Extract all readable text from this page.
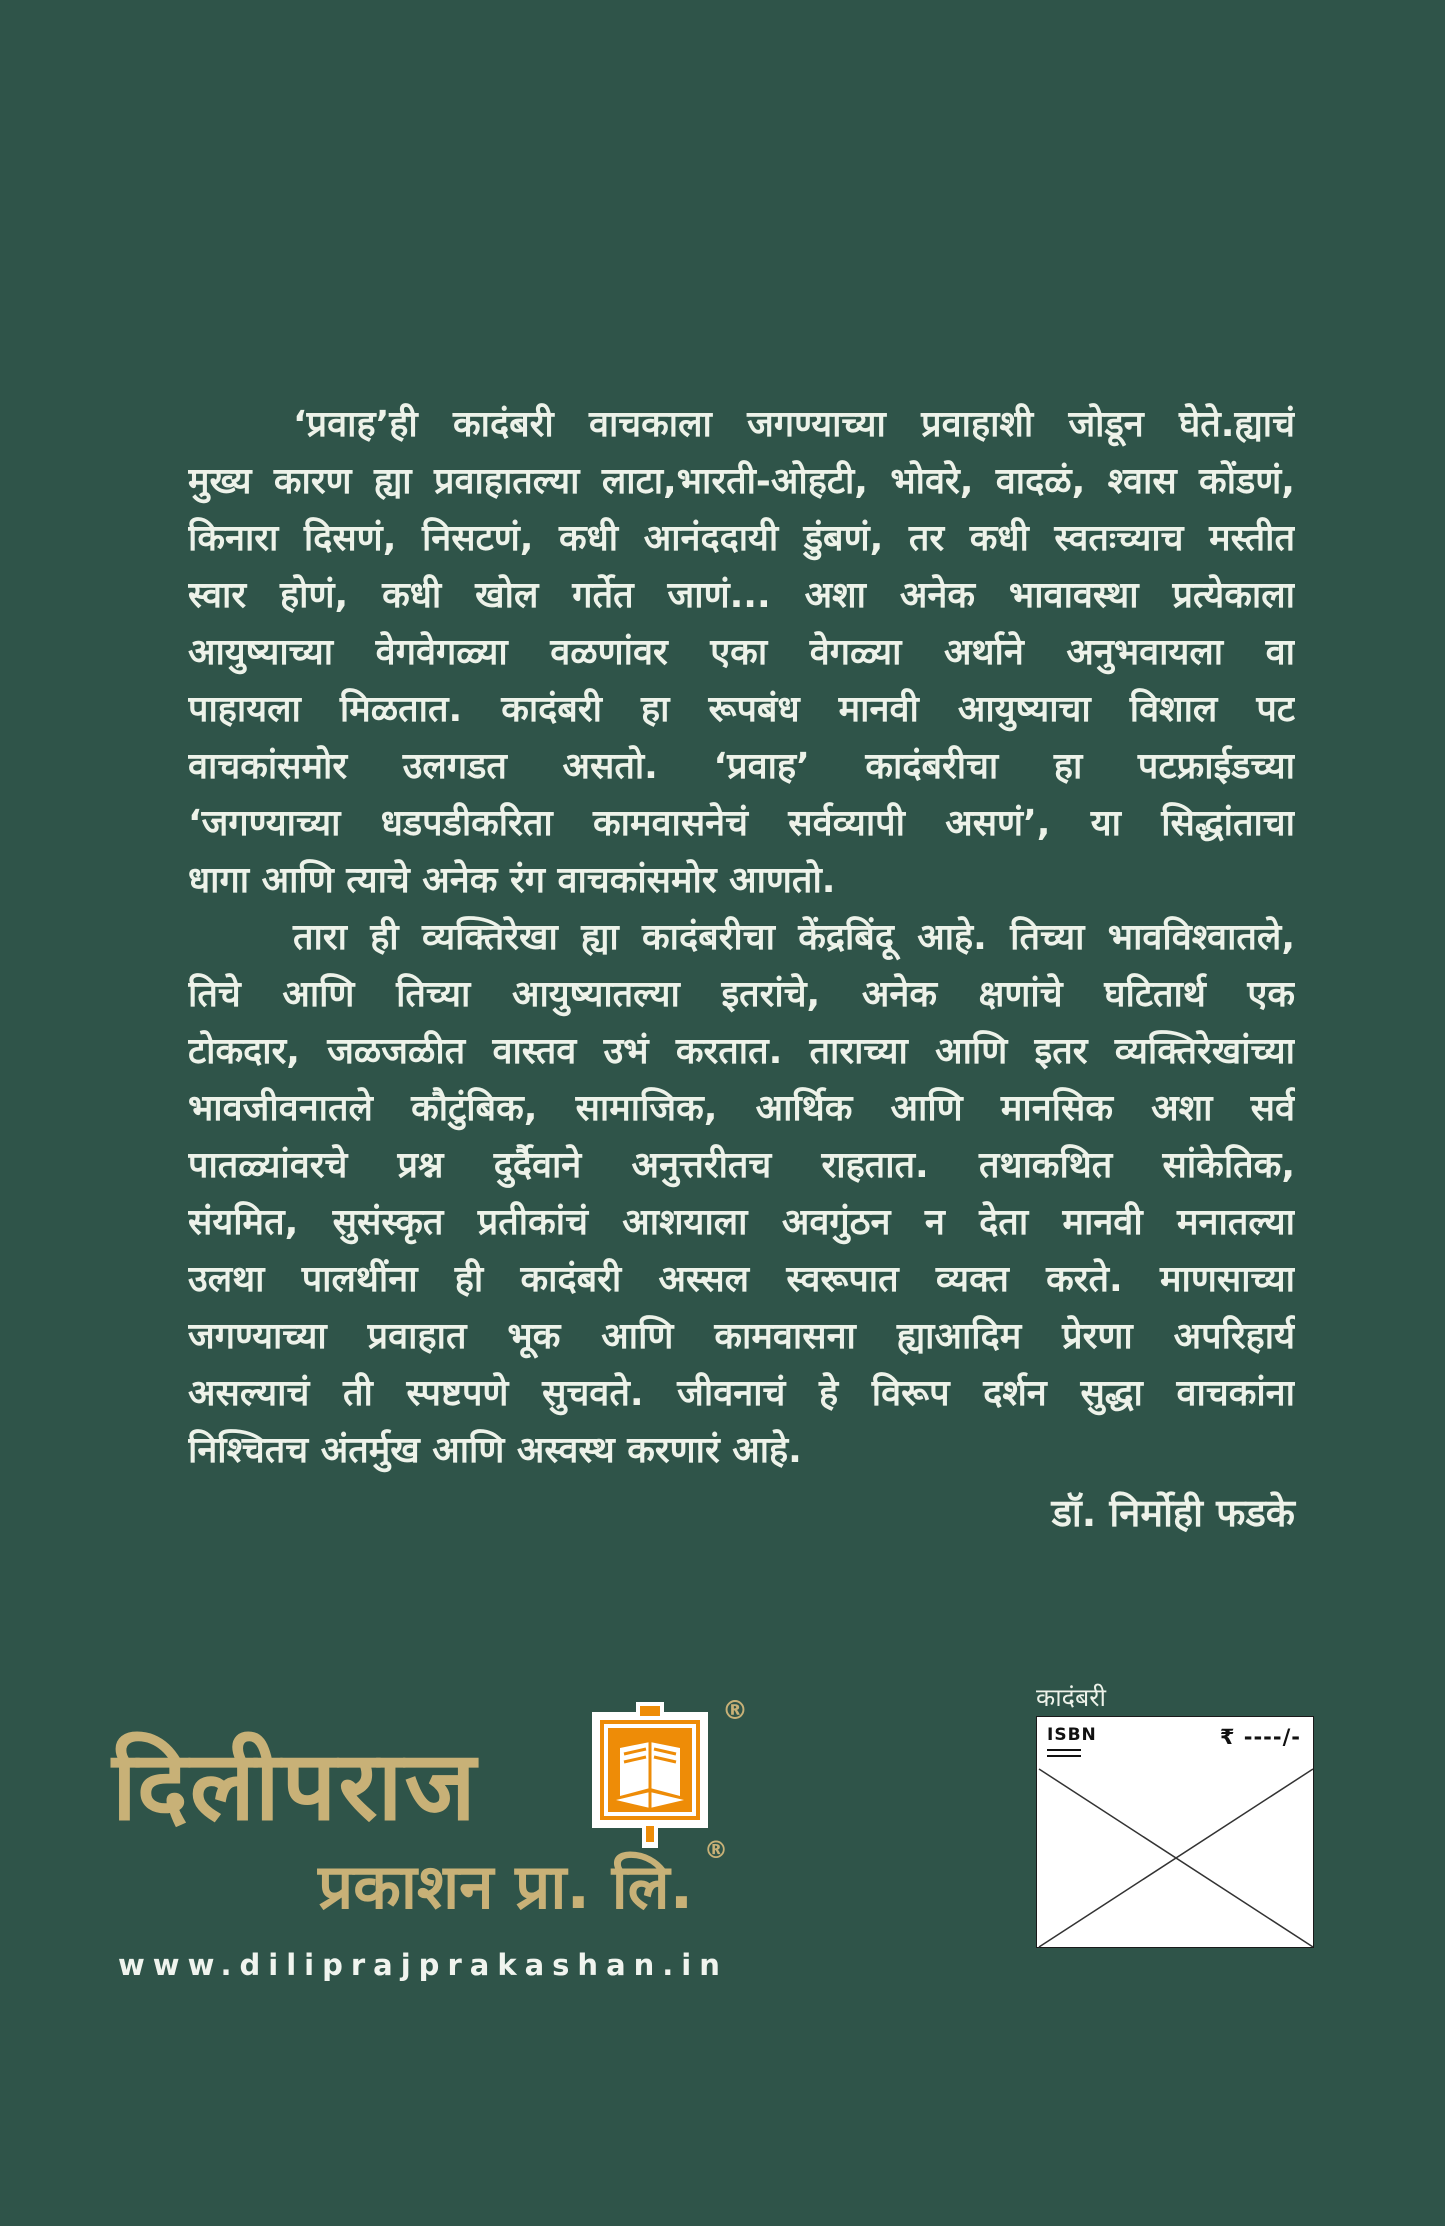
‘प्रवाह’ही कादंबरी वाचकाला जगण्याच्या प्रवाहाशी जोडून घेते.ह्याचं
मुख्य कारण ह्या प्रवाहातल्या लाटा,भारती-ओहटी, भोवरे, वादळं, श्वास कोंडणं,
किनारा दिसणं, निसटणं, कधी आनंददायी डुंबणं, तर कधी स्वतःच्याच मस्तीत
स्वार होणं, कधी खोल गर्तेत जाणं... अशा अनेक भावावस्था प्रत्येकाला
आयुष्याच्या वेगवेगळ्या वळणांवर एका वेगळ्या अर्थाने अनुभवायला वा
पाहायला मिळतात. कादंबरी हा रूपबंध मानवी आयुष्याचा विशाल पट
वाचकांसमोर उलगडत असतो. ‘प्रवाह’ कादंबरीचा हा पटफ्राईडच्या
‘जगण्याच्या धडपडीकरिता कामवासनेचं सर्वव्यापी असणं’, या सिद्धांताचा
धागा आणि त्याचे अनेक रंग वाचकांसमोर आणतो.
तारा ही व्यक्तिरेखा ह्या कादंबरीचा केंद्रबिंदू आहे. तिच्या भावविश्वातले,
तिचे आणि तिच्या आयुष्यातल्या इतरांचे, अनेक क्षणांचे घटितार्थ एक
टोकदार, जळजळीत वास्तव उभं करतात. ताराच्या आणि इतर व्यक्तिरेखांच्या
भावजीवनातले कौटुंबिक, सामाजिक, आर्थिक आणि मानसिक अशा सर्व
पातळ्यांवरचे प्रश्न दुर्दैवाने अनुत्तरीतच राहतात. तथाकथित सांकेतिक,
संयमित, सुसंस्कृत प्रतीकांचं आशयाला अवगुंठन न देता मानवी मनातल्या
उलथा पालथींना ही कादंबरी अस्सल स्वरूपात व्यक्त करते. माणसाच्या
जगण्याच्या प्रवाहात भूक आणि कामवासना ह्याआदिम प्रेरणा अपरिहार्य
असल्याचं ती स्पष्टपणे सुचवते. जीवनाचं हे विरूप दर्शन सुद्धा वाचकांना
निश्चितच अंतर्मुख आणि अस्वस्थ करणारं आहे.
डॉ. निर्मोही फडके
दिलीपराज
प्रकाशन प्रा. लि.
®
®
www.diliprajprakashan.in
कादंबरी
ISBN	₹ ----/-
